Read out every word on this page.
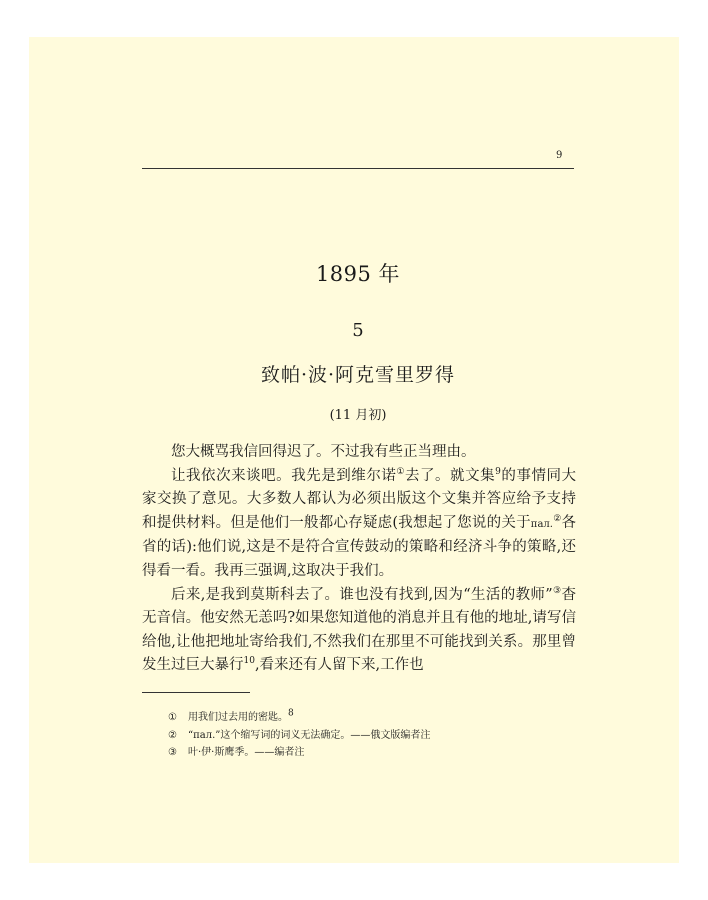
9
1895 年
5
致帕·波·阿克雪里罗得
(11 月初)

您大概骂我信回得迟了。不过我有些正当理由。

让我依次来谈吧。我先是到维尔诺①去了。就文集$^9$的事情同大家交换了意见。大多数人都认为必须出版这个文集并答应给予支持和提供材料。但是他们一般都心存疑虑(我想起了您说的关于пал.②各省的话):他们说,这是不是符合宣传鼓动的策略和经济斗争的策略,还得看一看。我再三强调,这取决于我们。

后来,是我到莫斯科去了。谁也没有找到,因为“生活的教师”③杳无音信。他安然无恙吗?如果您知道他的消息并且有他的地址,请写信给他,让他把地址寄给我们,不然我们在那里不可能找到关系。那里曾发生过巨大暴行$^{10}$,看来还有人留下来,工作也

① 用我们过去用的密匙。$^8$
② “пал.”这个缩写词的词义无法确定。——俄文版编者注
③ 叶·伊·斯鹰季。——编者注
